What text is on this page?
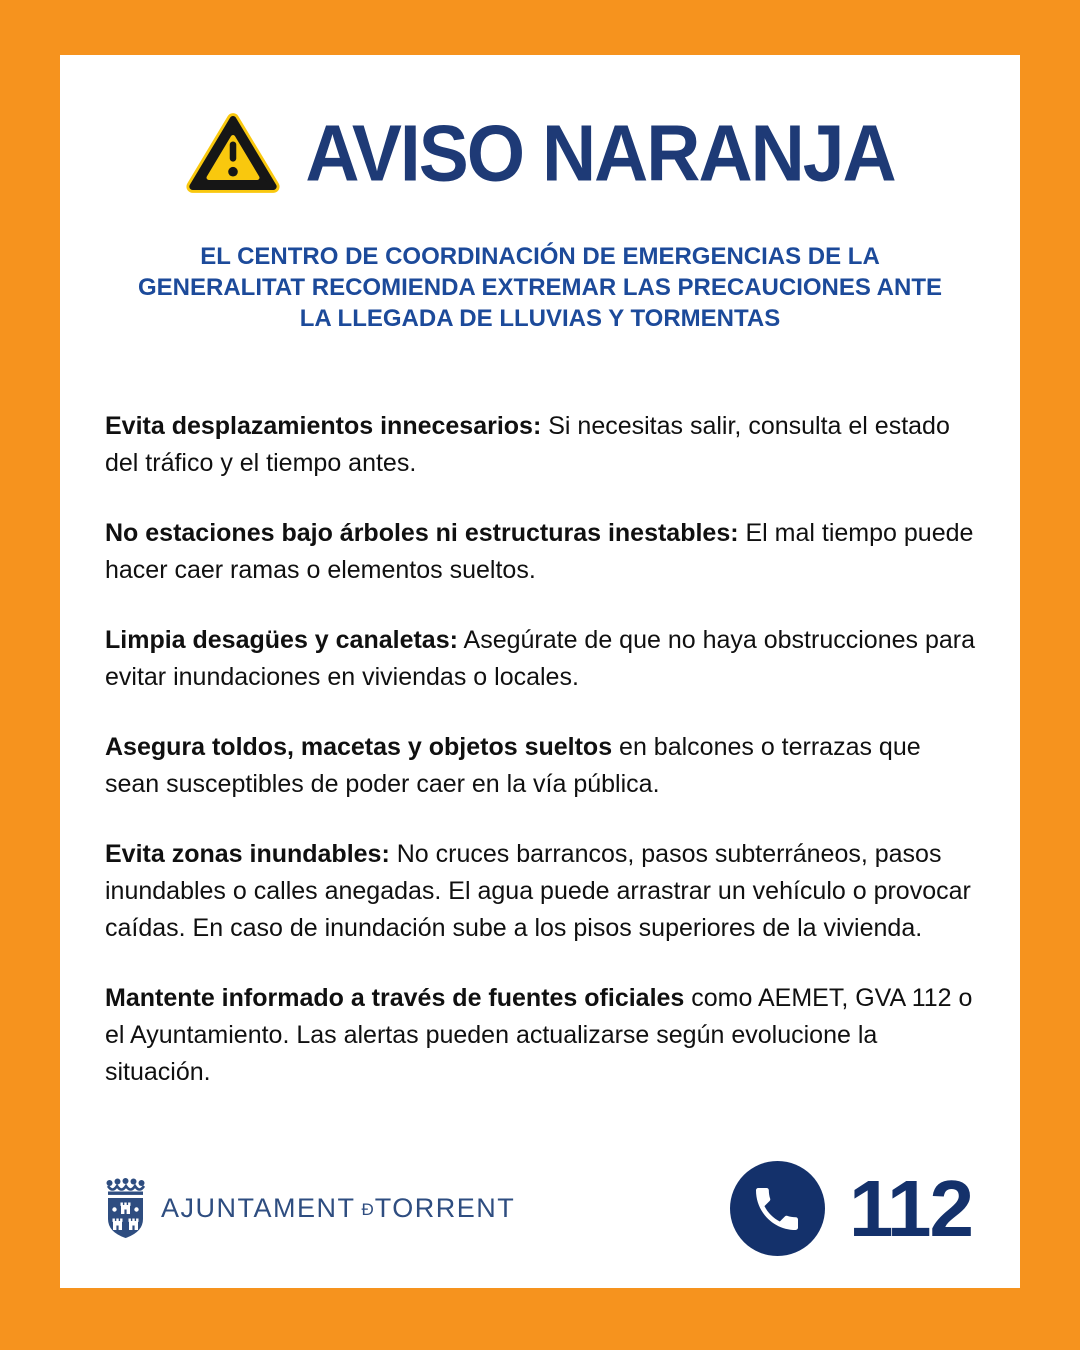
AVISO NARANJA
EL CENTRO DE COORDINACIÓN DE EMERGENCIAS DE LA
GENERALITAT RECOMIENDA EXTREMAR LAS PRECAUCIONES ANTE
LA LLEGADA DE LLUVIAS Y TORMENTAS

Evita desplazamientos innecesarios: Si necesitas salir, consulta el estado del tráfico y el tiempo antes.

No estaciones bajo árboles ni estructuras inestables: El mal tiempo puede hacer caer ramas o elementos sueltos.

Limpia desagües y canaletas: Asegúrate de que no haya obstrucciones para evitar inundaciones en viviendas o locales.

Asegura toldos, macetas y objetos sueltos en balcones o terrazas que sean susceptibles de poder caer en la vía pública.

Evita zonas inundables: No cruces barrancos, pasos subterráneos, pasos inundables o calles anegadas. El agua puede arrastrar un vehículo o provocar caídas. En caso de inundación sube a los pisos superiores de la vivienda.

Mantente informado a través de fuentes oficiales como AEMET, GVA 112 o el Ayuntamiento. Las alertas pueden actualizarse según evolucione la situación.

AJUNTAMENT ÐTORRENT	112
